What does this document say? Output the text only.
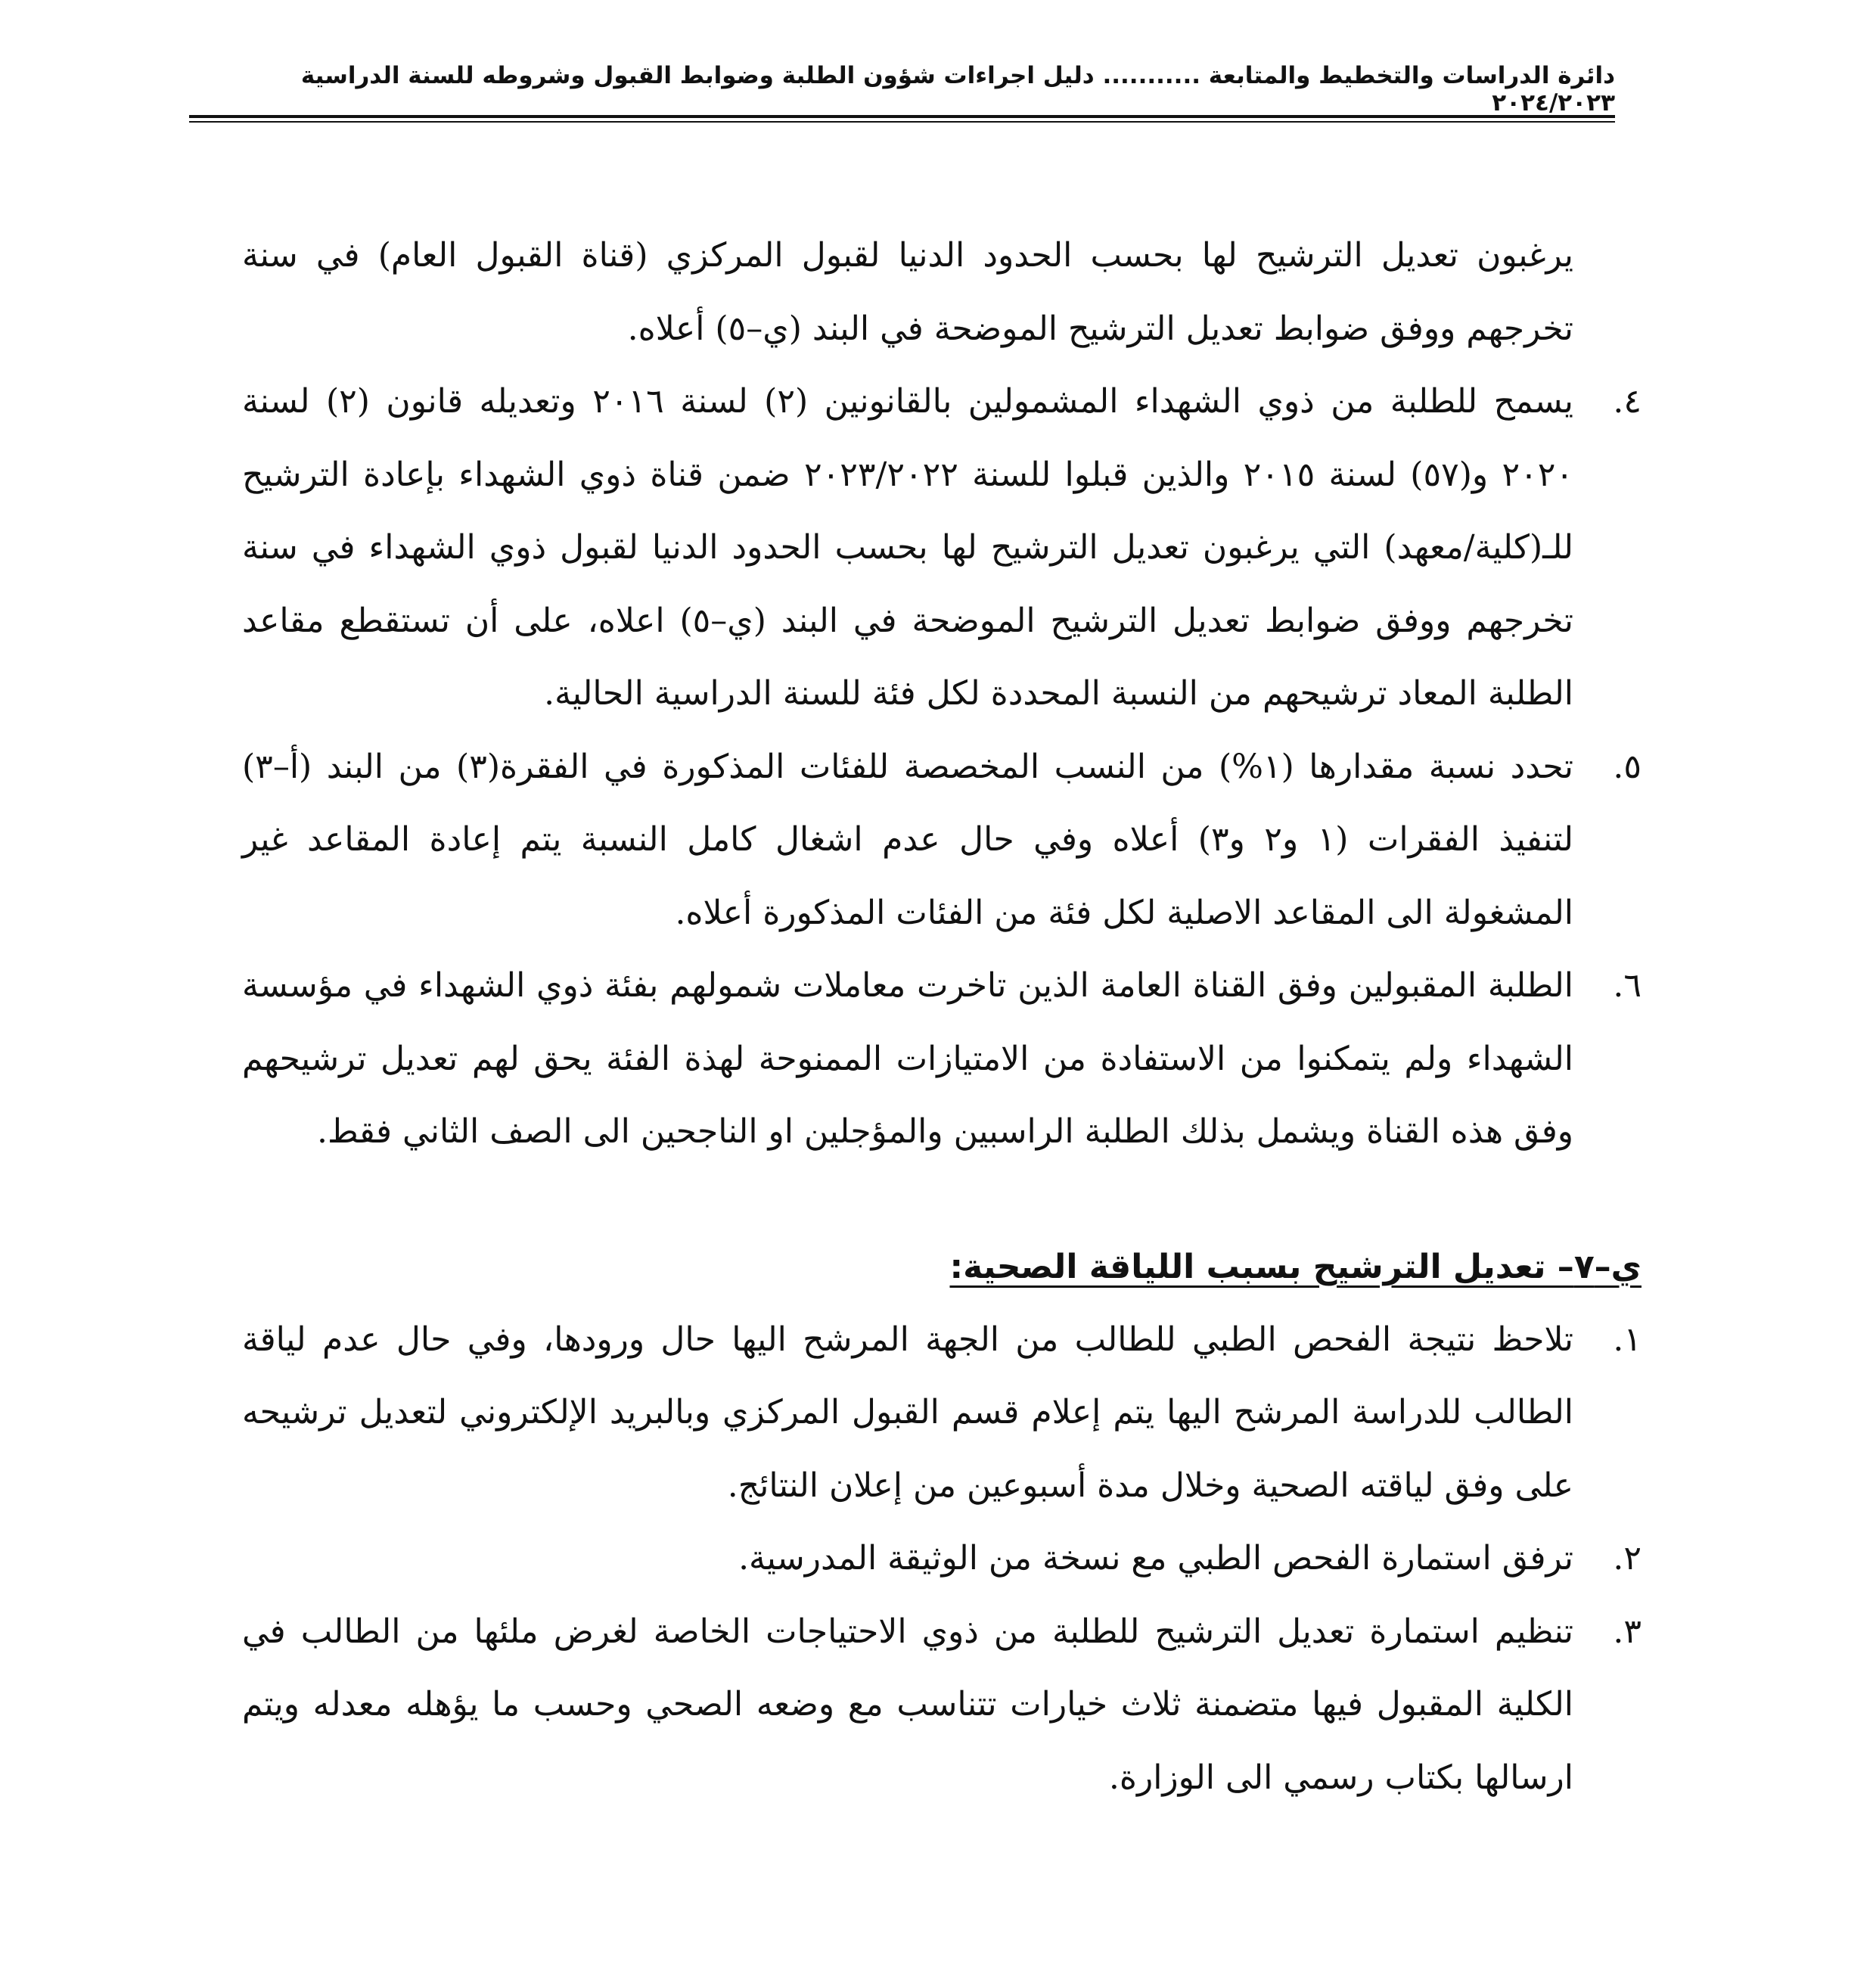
دائرة الدراسات والتخطيط والمتابعة ........... دليل اجراءات شؤون الطلبة وضوابط القبول وشروطه للسنة الدراسية ٢٠٢٤/٢٠٢٣

يرغبون تعديل الترشيح لها بحسب الحدود الدنيا لقبول المركزي (قناة القبول العام) في سنة تخرجهم ووفق ضوابط تعديل الترشيح الموضحة في البند (ي–٥) أعلاه.

٤.
يسمح للطلبة من ذوي الشهداء المشمولين بالقانونين (٢) لسنة ٢٠١٦ وتعديله قانون (٢) لسنة ٢٠٢٠ و(٥٧) لسنة ٢٠١٥ والذين قبلوا للسنة ٢٠٢٣/٢٠٢٢ ضمن قناة ذوي الشهداء بإعادة الترشيح للـ(كلية/معهد) التي يرغبون تعديل الترشيح لها بحسب الحدود الدنيا لقبول ذوي الشهداء في سنة تخرجهم ووفق ضوابط تعديل الترشيح الموضحة في البند (ي–٥) اعلاه، على أن تستقطع مقاعد الطلبة المعاد ترشيحهم من النسبة المحددة لكل فئة للسنة الدراسية الحالية.
٥.
تحدد نسبة مقدارها (١%) من النسب المخصصة للفئات المذكورة في الفقرة(٣) من البند (أ–٣) لتنفيذ الفقرات (١ و٢ و٣) أعلاه وفي حال عدم اشغال كامل النسبة يتم إعادة المقاعد غير المشغولة الى المقاعد الاصلية لكل فئة من الفئات المذكورة أعلاه.
٦.
الطلبة المقبولين وفق القناة العامة الذين تاخرت معاملات شمولهم بفئة ذوي الشهداء في مؤسسة الشهداء ولم يتمكنوا من الاستفادة من الامتيازات الممنوحة لهذة الفئة يحق لهم تعديل ترشيحهم وفق هذه القناة ويشمل بذلك الطلبة الراسبين والمؤجلين او الناجحين الى الصف الثاني فقط.
ي–٧– تعديل الترشيح بسبب اللياقة الصحية:
١.
تلاحظ نتيجة الفحص الطبي للطالب من الجهة المرشح اليها حال ورودها، وفي حال عدم لياقة الطالب للدراسة المرشح اليها يتم إعلام قسم القبول المركزي وبالبريد الإلكتروني لتعديل ترشيحه على وفق لياقته الصحية وخلال مدة أسبوعين من إعلان النتائج.
٢.
ترفق استمارة الفحص الطبي مع نسخة من الوثيقة المدرسية.
٣.
تنظيم استمارة تعديل الترشيح للطلبة من ذوي الاحتياجات الخاصة لغرض ملئها من الطالب في الكلية المقبول فيها متضمنة ثلاث خيارات تتناسب مع وضعه الصحي وحسب ما يؤهله معدله ويتم ارسالها بكتاب رسمي الى الوزارة.
